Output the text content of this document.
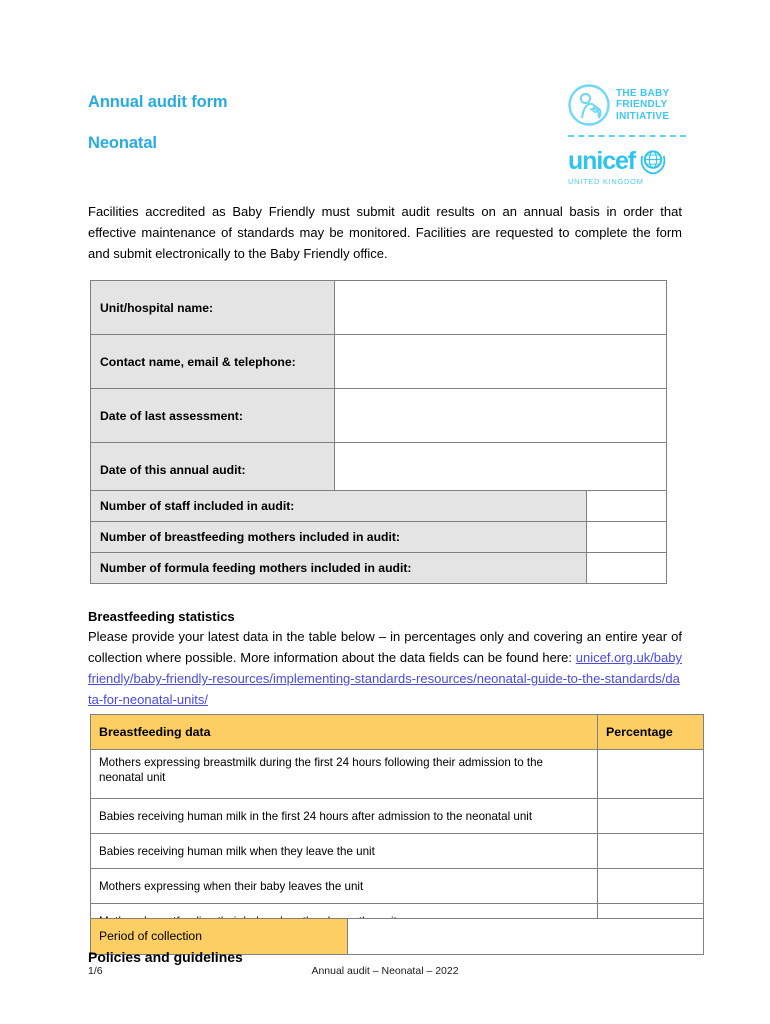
Annual audit form
Neonatal
THE BABY
FRIENDLY
INITIATIVE
unicef
UNITED KINGDOM
Facilities accredited as Baby Friendly must submit audit results on an annual basis in order that effective maintenance of standards may be monitored. Facilities are requested to complete the form and submit electronically to the Baby Friendly office.
Unit/hospital name:	
Contact name, email & telephone:	
Date of last assessment:	
Date of this annual audit:	
Number of staff included in audit:	
Number of breastfeeding mothers included in audit:	
Number of formula feeding mothers included in audit:	
Breastfeeding statistics
Please provide your latest data in the table below – in percentages only and covering an entire year of collection where possible. More information about the data fields can be found here: unicef.org.uk/babyfriendly/baby-friendly-resources/implementing-standards-resources/neonatal-guide-to-the-standards/data-for-neonatal-units/
Breastfeeding data	Percentage
Mothers expressing breastmilk during the first 24 hours following their admission to the neonatal unit	
Babies receiving human milk in the first 24 hours after admission to the neonatal unit	
Babies receiving human milk when they leave the unit	
Mothers expressing when their baby leaves the unit	

Period of collection	
Policies and guidelines
1/6	Annual audit – Neonatal – 2022
